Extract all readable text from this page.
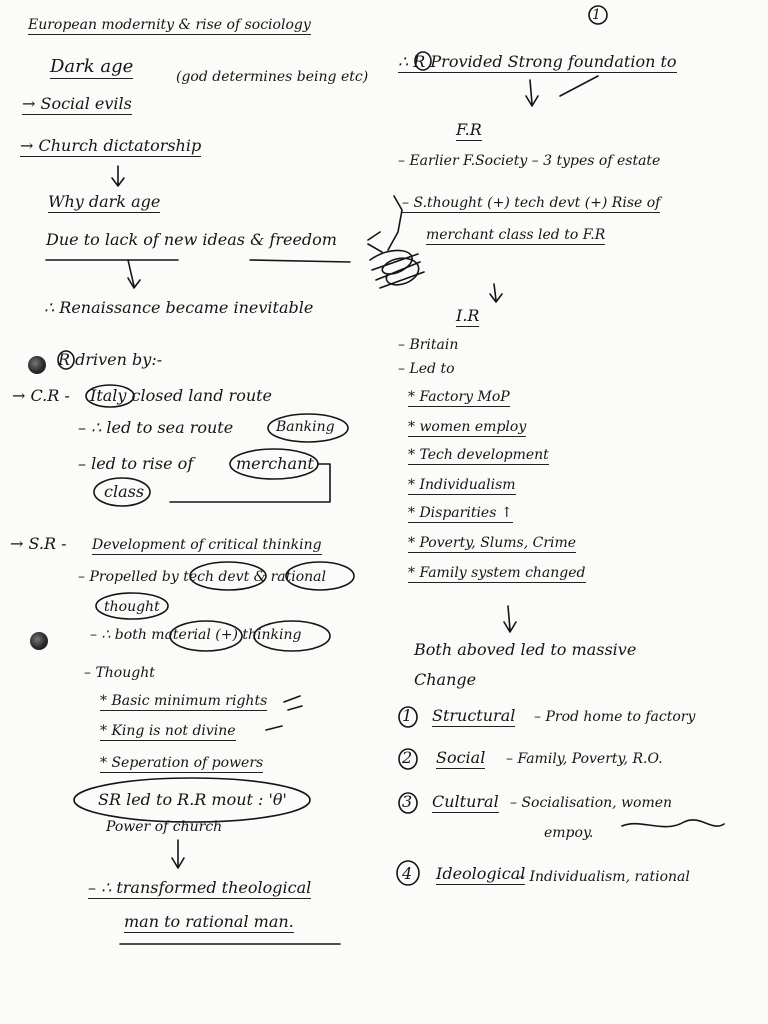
1
European modernity & rise of sociology
Dark age	(god determines being etc)
→ Social evils
→ Church dictatorship
Why dark age
Due to lack of new ideas & freedom
∴ Renaissance became inevitable
R driven by:-
→ C.R - Italy closed land route
– ∴ led to sea route	Banking
– led to rise of	merchant
class
→ S.R - Development of critical thinking
– Propelled by tech devt & rational
thought
– ∴ both material (+) thinking
– Thought
* Basic minimum rights
* King is not divine
* Seperation of powers
SR led to R.R mout : 'θ'
Power of church
– ∴ transformed theological
man to rational man.
∴ R Provided Strong foundation to
F.R
– Earlier F.Society – 3 types of estate
– S.thought (+) tech devt (+) Rise of
merchant class led to F.R
I.R
– Britain
– Led to
* Factory MoP
* women employ
* Tech development
* Individualism
* Disparities ↑
* Poverty, Slums, Crime
* Family system changed
Both aboved led to massive
Change
1 Structural – Prod home to factory
2 Social – Family, Poverty, R.O.
3 Cultural – Socialisation, women
empoy.
4 Ideological
– Individualism, rational
